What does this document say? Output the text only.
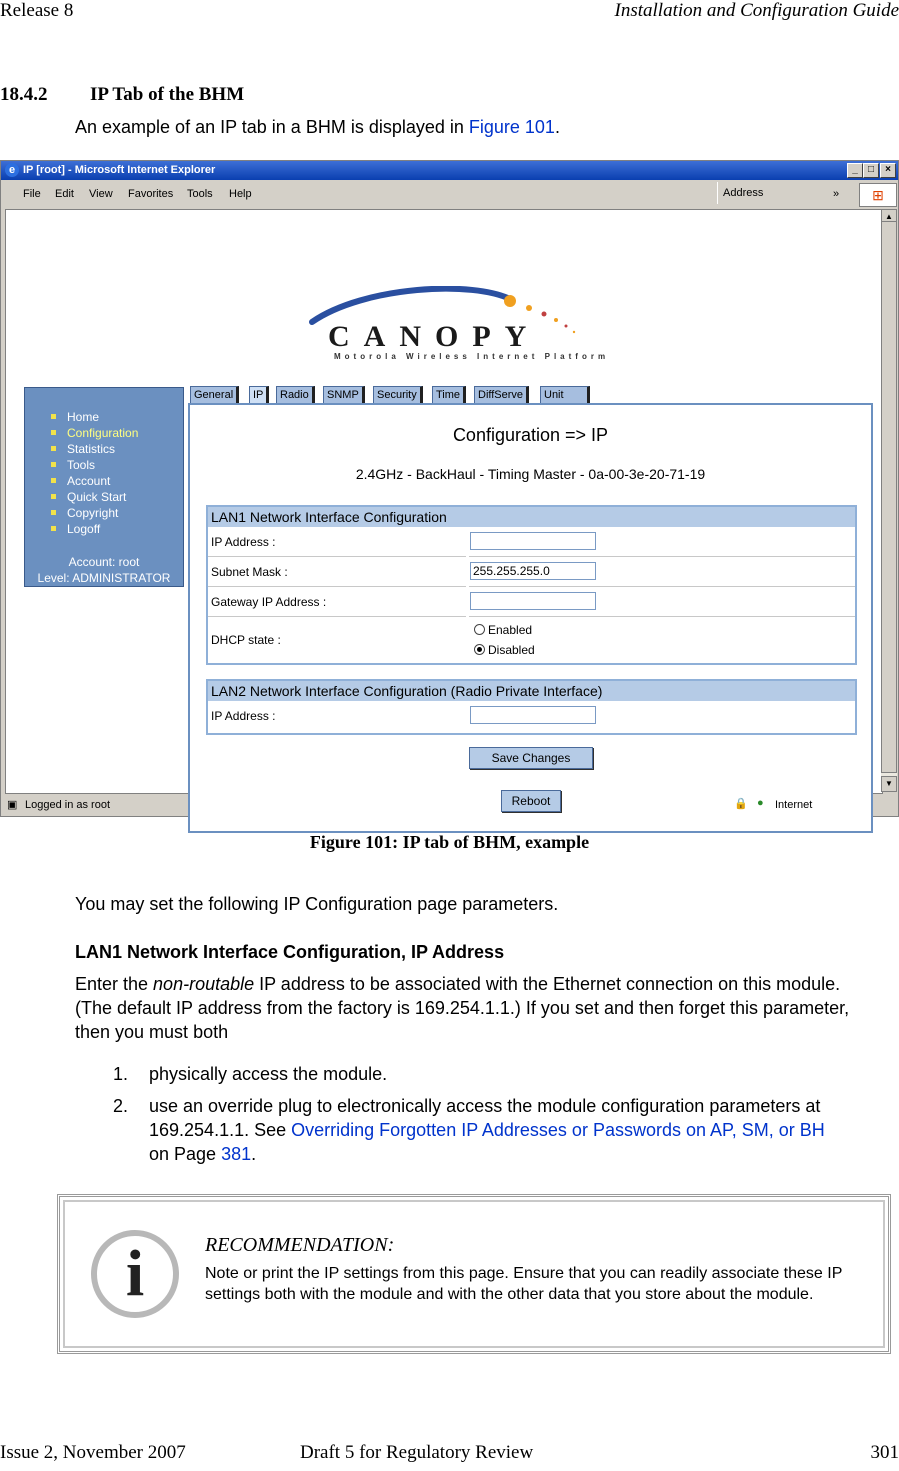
Release 8	Installation and Configuration Guide
18.4.2 IP Tab of the BHM
An example of an IP tab in a BHM is displayed in Figure 101.
e IP [root] - Microsoft Internet Explorer	_	□	×
File Edit View Favorites Tools Help	»
Address	⊞
CANOPY
Motorola Wireless Internet Platform
Home
Configuration
Statistics
Tools
Account
Quick Start
Copyright
Logoff
Account: root
Level: ADMINISTRATOR
General	IP	Radio	SNMP	Security	Time	DiffServe	Unit
Configuration => IP
2.4GHz - BackHaul - Timing Master - 0a-00-3e-20-71-19
LAN1 Network Interface Configuration
IP Address :
Subnet Mask :
255.255.255.0
Gateway IP Address :
DHCP state :
Enabled
Disabled
LAN2 Network Interface Configuration (Radio Private Interface)
IP Address :
Save Changes
Reboot
▲
▼
▣ Logged in as root	🔒 ● Internet
Figure 101: IP tab of BHM, example
You may set the following IP Configuration page parameters.
LAN1 Network Interface Configuration, IP Address
Enter the non-routable IP address to be associated with the Ethernet connection on this module. (The default IP address from the factory is 169.254.1.1.) If you set and then forget this parameter, then you must both
1. physically access the module.
2. use an override plug to electronically access the module configuration parameters at 169.254.1.1. See Overriding Forgotten IP Addresses or Passwords on AP, SM, or BH on Page 381.
i	RECOMMENDATION:
Note or print the IP settings from this page. Ensure that you can readily associate these IP settings both with the module and with the other data that you store about the module.
Issue 2, November 2007	Draft 5 for Regulatory Review	301
